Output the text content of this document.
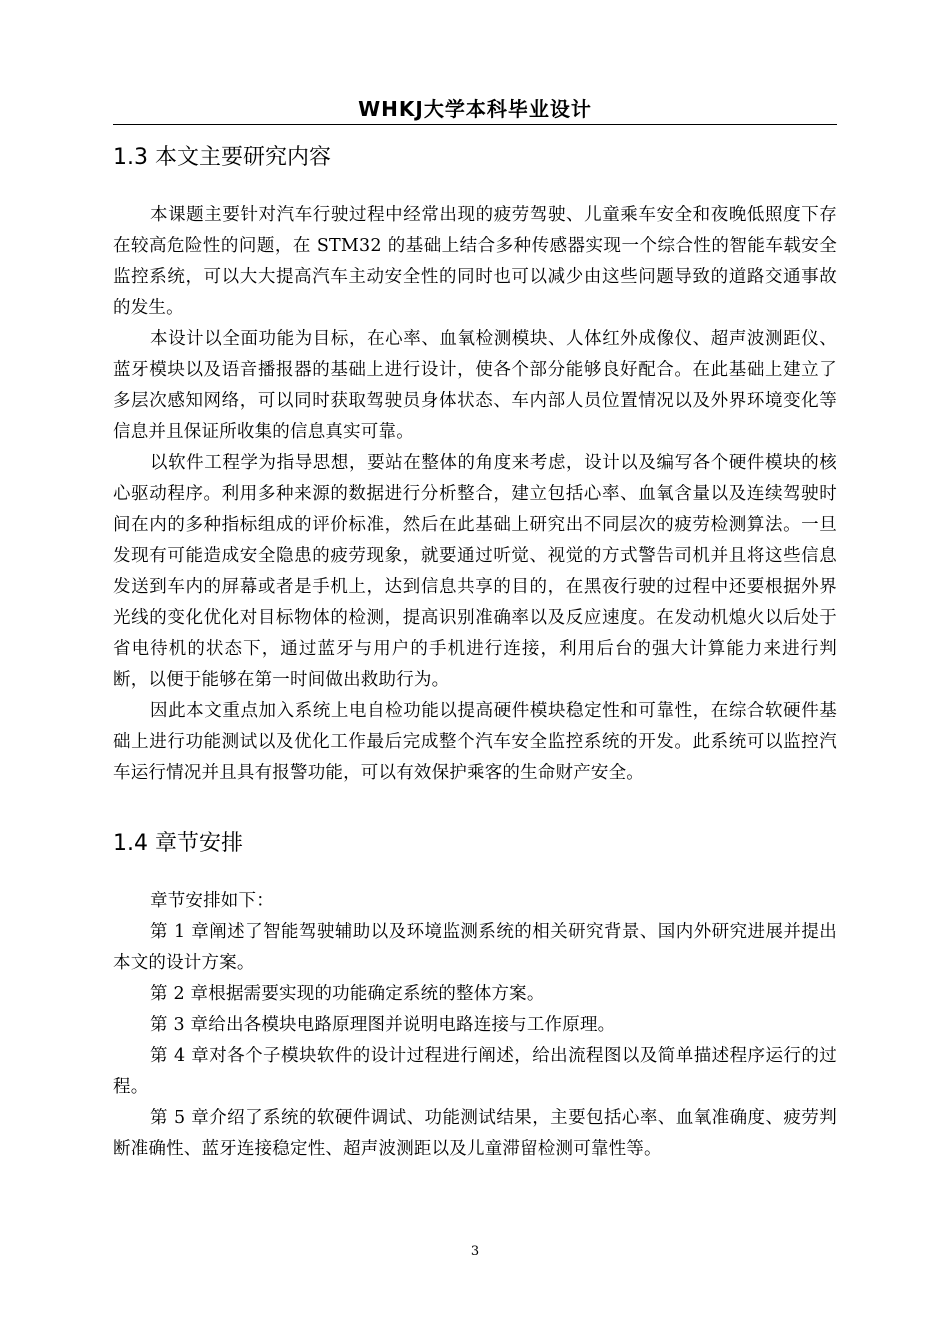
WHKJ大学本科毕业设计
1.3 本文主要研究内容

本课题主要针对汽车行驶过程中经常出现的疲劳驾驶、儿童乘车安全和夜晚低照度下存在较高危险性的问题，在 STM32 的基础上结合多种传感器实现一个综合性的智能车载安全监控系统，可以大大提高汽车主动安全性的同时也可以减少由这些问题导致的道路交通事故的发生。

本设计以全面功能为目标，在心率、血氧检测模块、人体红外成像仪、超声波测距仪、蓝牙模块以及语音播报器的基础上进行设计，使各个部分能够良好配合。在此基础上建立了多层次感知网络，可以同时获取驾驶员身体状态、车内部人员位置情况以及外界环境变化等信息并且保证所收集的信息真实可靠。

以软件工程学为指导思想，要站在整体的角度来考虑，设计以及编写各个硬件模块的核心驱动程序。利用多种来源的数据进行分析整合，建立包括心率、血氧含量以及连续驾驶时间在内的多种指标组成的评价标准，然后在此基础上研究出不同层次的疲劳检测算法。一旦发现有可能造成安全隐患的疲劳现象，就要通过听觉、视觉的方式警告司机并且将这些信息发送到车内的屏幕或者是手机上，达到信息共享的目的，在黑夜行驶的过程中还要根据外界光线的变化优化对目标物体的检测，提高识别准确率以及反应速度。在发动机熄火以后处于省电待机的状态下，通过蓝牙与用户的手机进行连接，利用后台的强大计算能力来进行判断，以便于能够在第一时间做出救助行为。

因此本文重点加入系统上电自检功能以提高硬件模块稳定性和可靠性，在综合软硬件基础上进行功能测试以及优化工作最后完成整个汽车安全监控系统的开发。此系统可以监控汽车运行情况并且具有报警功能，可以有效保护乘客的生命财产安全。

1.4 章节安排

章节安排如下：

第 1 章阐述了智能驾驶辅助以及环境监测系统的相关研究背景、国内外研究进展并提出本文的设计方案。

第 2 章根据需要实现的功能确定系统的整体方案。

第 3 章给出各模块电路原理图并说明电路连接与工作原理。

第 4 章对各个子模块软件的设计过程进行阐述，给出流程图以及简单描述程序运行的过程。

第 5 章介绍了系统的软硬件调试、功能测试结果，主要包括心率、血氧准确度、疲劳判断准确性、蓝牙连接稳定性、超声波测距以及儿童滞留检测可靠性等。

3
